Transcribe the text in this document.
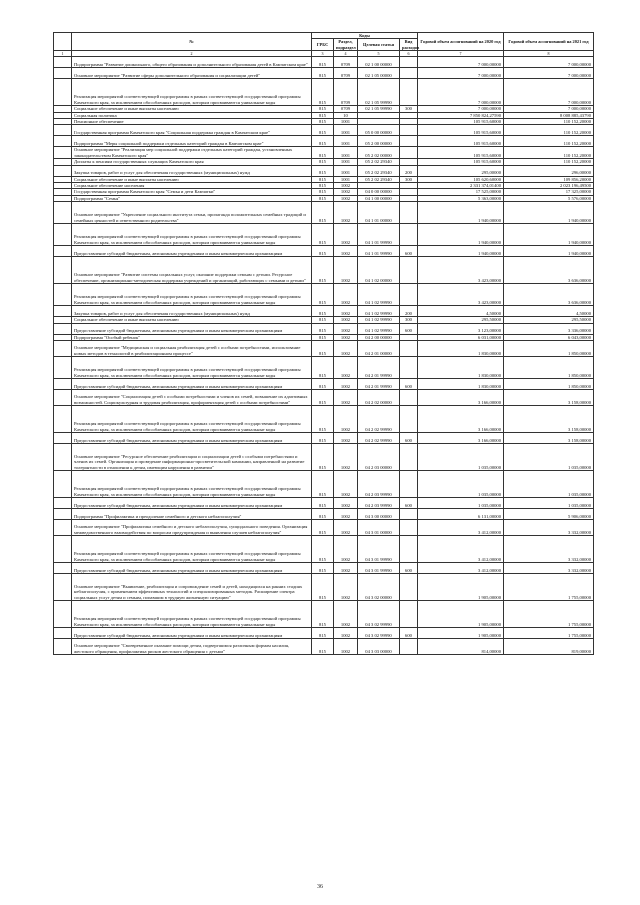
	№	Коды				Годовой объем ассигнований на 2020 год	Годовой объем ассигнований на 2021 год
		ГРБС	Раздел, подраздел	Целевая статья	Вид расходов		
1	2	3	4	5	6	7	8
	Подпрограмма "Развитие дошкольного, общего образования и дополнительного образования детей в Камчатском крае"	815	0709	02 1 00 00000		7 000,00000	7 000,00000
	Основное мероприятие "Развитие сферы дополнительного образования и социализации детей"	815	0709	02 1 05 00000		7 000,00000	7 000,00000
	Реализация мероприятий соответствующей подпрограммы в рамках соответствующей государственной программы Камчатского края, за исключением обособленных расходов, которым присваиваются уникальные коды	815	0709	02 1 05 99990		7 000,00000	7 000,00000
	Социальное обеспечение и иные выплаты населению	815	0709	02 1 05 99990	300	7 000,00000	7 000,00000
	Социальная политика	815	10			7 850 824,27590	8 008 885,43790
	Пенсионное обеспечение	815	1001			105 915,60000	110 152,20000
	Государственная программа Камчатского края "Социальная поддержка граждан в Камчатском крае"	815	1001	05 0 00 00000		105 915,60000	110 152,20000
	Подпрограмма "Меры социальной поддержки отдельных категорий граждан в Камчатском крае"	815	1001	05 2 00 00000		105 915,60000	110 152,20000
	Основное мероприятие "Реализация мер социальной поддержки отдельных категорий граждан, установленных законодательством Камчатского края"	815	1001	05 2 02 00000		105 915,60000	110 152,20000
	Доплаты к пенсиям государственных служащих Камчатского края	815	1001	05 2 02 29340		105 915,60000	110 152,20000
	Закупка товаров, работ и услуг для обеспечения государственных (муниципальных) нужд	815	1001	05 2 02 29340	200	295,00000	296,00000
	Социальное обеспечение и иные выплаты населению	815	1001	05 2 02 29340	300	105 620,60000	109 856,20000
	Социальное обеспечение населения	815	1002			2 331 374,01400	2 023 196,49500
	Государственная программа Камчатского края "Семья и дети Камчатки"	815	1002	04 0 00 00000		17 525,00000	17 325,00000
	Подпрограмма "Семья"	815	1002	04 1 00 00000		5 363,00000	5 576,00000
	Основное мероприятие "Укрепление социального института семьи, пропаганда положительных семейных традиций и семейных ценностей и ответственного родительства"	815	1002	04 1 01 00000		1 940,00000	1 940,00000
	Реализация мероприятий соответствующей подпрограммы в рамках соответствующей государственной программы Камчатского края, за исключением обособленных расходов, которым присваиваются уникальные коды	815	1002	04 1 01 99990		1 940,00000	1 940,00000
	Предоставление субсидий бюджетным, автономным учреждениям и иным некоммерческим организациям	815	1002	04 1 01 99990	600	1 940,00000	1 940,00000
	Основное мероприятие "Развитие системы социальных услуг, оказание поддержки семьям с детьми. Ресурсное обеспечение, организационно-методическая поддержка учреждений и организаций, работающих с семьями и детьми"	815	1002	04 1 02 00000		3 423,00000	3 636,00000
	Реализация мероприятий соответствующей подпрограммы в рамках соответствующей государственной программы Камчатского края, за исключением обособленных расходов, которым присваиваются уникальные коды	815	1002	04 1 02 99990		3 423,00000	3 636,00000
	Закупка товаров, работ и услуг для обеспечения государственных (муниципальных) нужд	815	1002	04 1 02 99990	200	4,50000	4,50000
	Социальное обеспечение и иные выплаты населению	815	1002	04 1 02 99990	300	295,50000	295,50000
	Предоставление субсидий бюджетным, автономным учреждениям и иным некоммерческим организациям	815	1002	04 1 02 99990	600	3 123,00000	3 336,00000
	Подпрограмма "Особый ребенок"	815	1002	04 2 00 00000		6 031,00000	6 043,00000
	Основное мероприятие "Медицинская и социальная реабилитация детей с особыми потребностями, использование новых методов в технологий в реабилитационном процессе"	815	1002	04 2 01 00000		1 830,00000	1 850,00000
	Реализация мероприятий соответствующей подпрограммы в рамках соответствующей государственной программы Камчатского края, за исключением обособленных расходов, которым присваиваются уникальные коды	815	1002	04 2 01 99990		1 830,00000	1 850,00000
	Предоставление субсидий бюджетным, автономным учреждениям и иным некоммерческим организациям	815	1002	04 2 01 99990	600	1 830,00000	1 850,00000
	Основное мероприятие "Социализация детей с особыми потребностями и членов их семей, повышение их адаптивных возможностей. Социокультурная и трудовая реабилитация, профориентация детей с особыми потребностями"	815	1002	04 2 02 00000		3 166,00000	3 158,00000
	Реализация мероприятий соответствующей подпрограммы в рамках соответствующей государственной программы Камчатского края, за исключением обособленных расходов, которым присваиваются уникальные коды	815	1002	04 2 02 99990		3 166,00000	3 158,00000
	Предоставление субсидий бюджетным, автономным учреждениям и иным некоммерческим организациям	815	1002	04 2 02 99990	600	3 166,00000	3 158,00000
	Основное мероприятие "Ресурсное обеспечение реабилитации и социализации детей с особыми потребностями и членов их семей. Организация и проведение информационно-просветительской кампании, направленной на развитие толерантности в отношении к детям, имеющим нарушения в развитии"	815	1002	04 2 03 00000		1 035,00000	1 035,00000
	Реализация мероприятий соответствующей подпрограммы в рамках соответствующей государственной программы Камчатского края, за исключением обособленных расходов, которым присваиваются уникальные коды	815	1002	04 2 03 99990		1 035,00000	1 035,00000
	Предоставление субсидий бюджетным, автономным учреждениям и иным некоммерческим организациям	815	1002	04 2 03 99990	600	1 035,00000	1 035,00000
	Подпрограмма "Профилактика и преодоление семейного и детского неблагополучия"	815	1002	04 3 00 00000		6 131,00000	5 906,00000
	Основное мероприятие "Профилактика семейного и детского неблагополучия, суицидального поведения. Организация межведомственного взаимодействия по вопросам предупреждения и выявления случаев неблагополучия"	815	1002	04 3 01 00000		3 412,00000	3 332,00000
	Реализация мероприятий соответствующей подпрограммы в рамках соответствующей государственной программы Камчатского края, за исключением обособленных расходов, которым присваиваются уникальные коды	815	1002	04 3 01 99990		3 412,00000	3 332,00000
	Предоставление субсидий бюджетным, автономным учреждениям и иным некоммерческим организациям	815	1002	04 3 01 99990	600	3 412,00000	3 332,00000
	Основное мероприятие "Выявление, реабилитация и сопровождение семей и детей, находящихся на ранних стадиях неблагополучия, с применением эффективных технологий и специализированных методик. Расширение спектра социальных услуг детям и семьям, попавшим в трудную жизненную ситуацию"	815	1002	04 3 02 00000		1 905,00000	1 755,00000
	Реализация мероприятий соответствующей подпрограммы в рамках соответствующей государственной программы Камчатского края, за исключением обособленных расходов, которым присваиваются уникальные коды	815	1002	04 3 02 99990		1 905,00000	1 755,00000
	Предоставление субсидий бюджетным, автономным учреждениям и иным некоммерческим организациям	815	1002	04 3 02 99990	600	1 905,00000	1 755,00000
	Основное мероприятие "Своевременное оказание помощи детям, подвергшимся различным формам насилия, жестокого обращения, профилактика рисков жестокого обращения с детьми"	815	1002	04 3 03 00000		814,00000	819,00000
36
